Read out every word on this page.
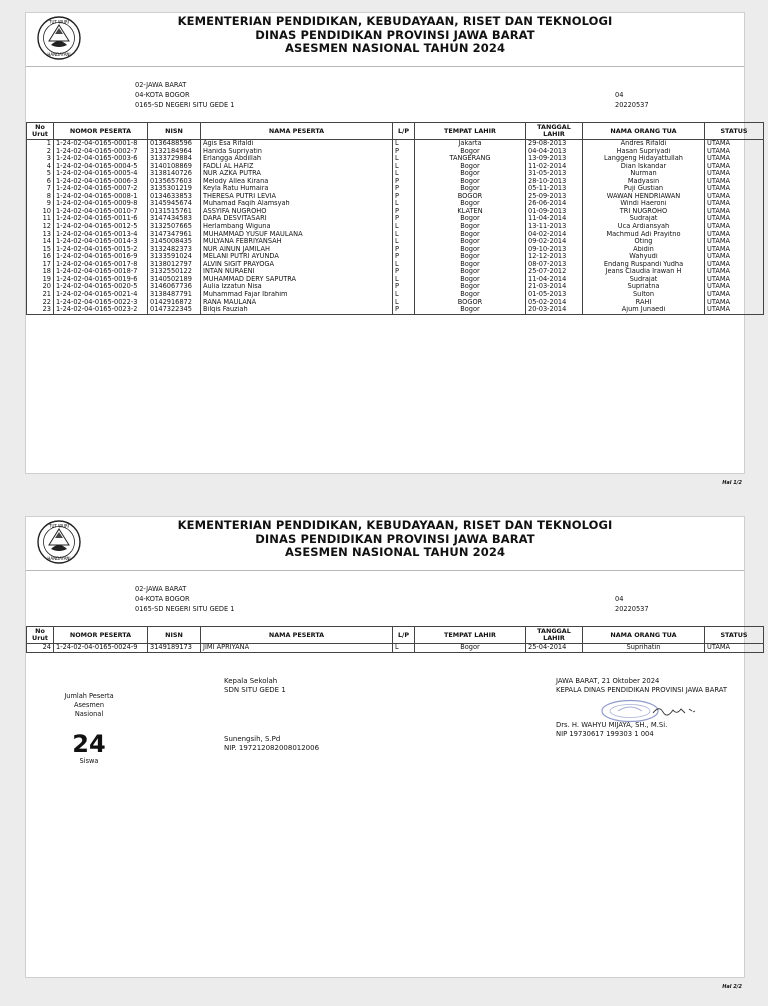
TUT WURI
HANDAYANI
KEMENTERIAN PENDIDIKAN, KEBUDAYAAN, RISET DAN TEKNOLOGI
DINAS PENDIDIKAN PROVINSI JAWA BARAT
ASESMEN NASIONAL TAHUN 2024
02-JAWA BARAT
04-KOTA BOGOR
0165-SD NEGERI SITU GEDE 1
04
20220537
No Urut	NOMOR PESERTA	NISN	NAMA PESERTA	L/P	TEMPAT LAHIR	TANGGAL LAHIR	NAMA ORANG TUA	STATUS
1	1-24-02-04-0165-0001-8	0136488596	Agis Esa Rifaldi	L	Jakarta	29-08-2013	Andres Rifaldi	UTAMA
2	1-24-02-04-0165-0002-7	3132184964	Hanida Supriyatin	P	Bogor	04-04-2013	Hasan Supriyadi	UTAMA
3	1-24-02-04-0165-0003-6	3133729884	Erlangga Abdillah	L	TANGERANG	13-09-2013	Langgeng Hidayattullah	UTAMA
4	1-24-02-04-0165-0004-5	3140108869	FADLI AL HAFIZ	L	Bogor	11-02-2014	Dian Iskandar	UTAMA
5	1-24-02-04-0165-0005-4	3138140726	NUR AZKA PUTRA	L	Bogor	31-05-2013	Nurman	UTAMA
6	1-24-02-04-0165-0006-3	0135657603	Melody Allea Kirana	P	Bogor	28-10-2013	Madyasin	UTAMA
7	1-24-02-04-0165-0007-2	3135301219	Keyla Ratu Humaira	P	Bogor	05-11-2013	Puji Gustian	UTAMA
8	1-24-02-04-0165-0008-1	0134633853	THERESA PUTRI LEVIA	P	BOGOR	25-09-2013	WAWAN HENDRIAWAN	UTAMA
9	1-24-02-04-0165-0009-8	3145945674	Muhamad Faqih Alamsyah	L	Bogor	26-06-2014	Windi Haeroni	UTAMA
10	1-24-02-04-0165-0010-7	0131515761	ASSYIFA NUGROHO	P	KLATEN	01-09-2013	TRI NUGROHO	UTAMA
11	1-24-02-04-0165-0011-6	3147434583	DARA DESVITASARI	P	Bogor	11-04-2014	Sudrajat	UTAMA
12	1-24-02-04-0165-0012-5	3132507665	Herlambang Wiguna	L	Bogor	13-11-2013	Uca Ardiansyah	UTAMA
13	1-24-02-04-0165-0013-4	3147347961	MUHAMMAD YUSUF MAULANA	L	Bogor	04-02-2014	Machmud Adi Prayitno	UTAMA
14	1-24-02-04-0165-0014-3	3145008435	MULYANA FEBRIYANSAH	L	Bogor	09-02-2014	Oting	UTAMA
15	1-24-02-04-0165-0015-2	3132482373	NUR AINUN JAMILAH	P	Bogor	09-10-2013	Abidin	UTAMA
16	1-24-02-04-0165-0016-9	3133591024	MELANI PUTRI AYUNDA	P	Bogor	12-12-2013	Wahyudi	UTAMA
17	1-24-02-04-0165-0017-8	3138012797	ALVIN SIGIT PRAYOGA	L	Bogor	08-07-2013	Endang Ruspandi Yudha	UTAMA
18	1-24-02-04-0165-0018-7	3132550122	INTAN NURAENI	P	Bogor	25-07-2012	Jeans Claudia Irawan H	UTAMA
19	1-24-02-04-0165-0019-6	3140502189	MUHAMMAD DERY SAPUTRA	L	Bogor	11-04-2014	Sudrajat	UTAMA
20	1-24-02-04-0165-0020-5	3146067736	Aulia Izzatun Nisa	P	Bogor	21-03-2014	Supriatna	UTAMA
21	1-24-02-04-0165-0021-4	3138487791	Muhammad Fajar Ibrahim	L	Bogor	01-05-2013	Sulton	UTAMA
22	1-24-02-04-0165-0022-3	0142916872	RANA MAULANA	L	BOGOR	05-02-2014	RAHI	UTAMA
23	1-24-02-04-0165-0023-2	0147322345	Bilqis Fauziah	P	Bogor	20-03-2014	Ajum Junaedi	UTAMA
Hal 1/2
TUT WURI
HANDAYANI
KEMENTERIAN PENDIDIKAN, KEBUDAYAAN, RISET DAN TEKNOLOGI
DINAS PENDIDIKAN PROVINSI JAWA BARAT
ASESMEN NASIONAL TAHUN 2024
02-JAWA BARAT
04-KOTA BOGOR
0165-SD NEGERI SITU GEDE 1
04
20220537
No Urut	NOMOR PESERTA	NISN	NAMA PESERTA	L/P	TEMPAT LAHIR	TANGGAL LAHIR	NAMA ORANG TUA	STATUS
24	1-24-02-04-0165-0024-9	3149189173	JIMI APRIYANA	L	Bogor	25-04-2014	Suprihatin	UTAMA
Jumlah Peserta
Asesmen Nasional
24
Siswa
Kepala Sekolah
SDN SITU GEDE 1
Sunengsih, S.Pd
NIP. 197212082008012006
JAWA BARAT, 21 Oktober 2024
KEPALA DINAS PENDIDIKAN PROVINSI JAWA BARAT
Drs. H. WAHYU MIJAYA, SH., M.Si.
NIP 19730617 199303 1 004
Hal 2/2
